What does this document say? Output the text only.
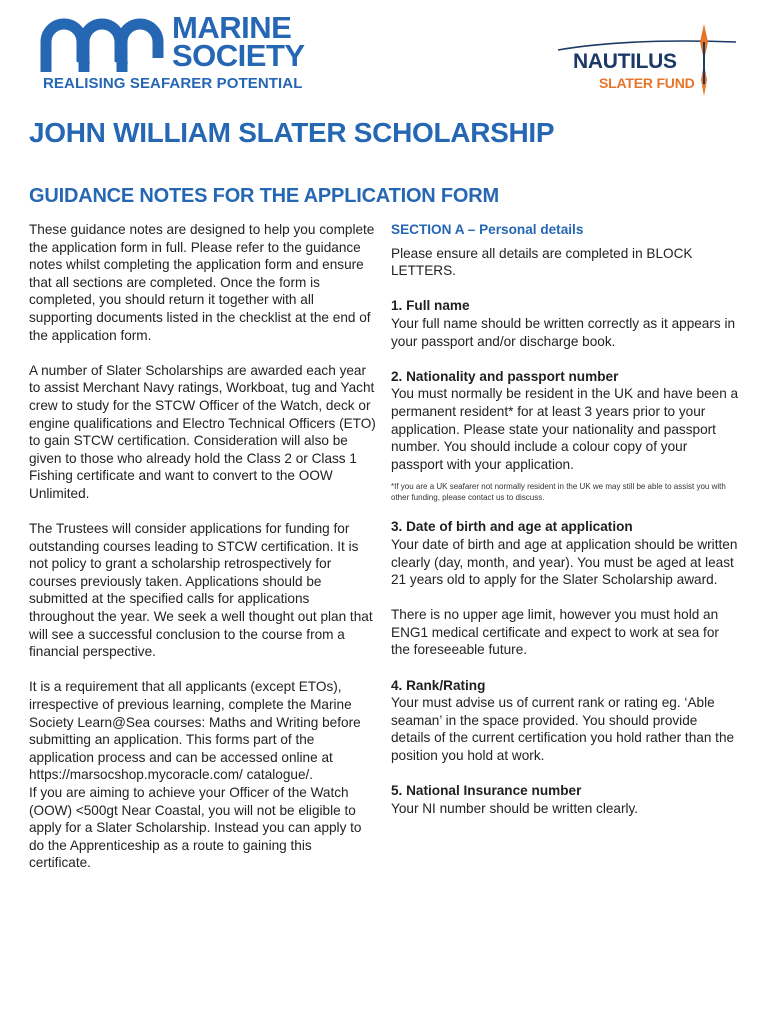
MARINE
SOCIETY
REALISING SEAFARER POTENTIAL
NAUTILUS
SLATER FUND
JOHN WILLIAM SLATER SCHOLARSHIP
GUIDANCE NOTES FOR THE APPLICATION FORM

These guidance notes are designed to help you complete the application form in full. Please refer to the guidance notes whilst completing the application form and ensure that all sections are completed. Once the form is completed, you should return it together with all supporting documents listed in the checklist at the end of the application form.

A number of Slater Scholarships are awarded each year to assist Merchant Navy ratings, Workboat, tug and Yacht crew to study for the STCW Officer of the Watch, deck or engine qualifications and Electro Technical Officers (ETO) to gain STCW certification. Consideration will also be given to those who already hold the Class 2 or Class 1 Fishing certificate and want to convert to the OOW Unlimited.

The Trustees will consider applications for funding for outstanding courses leading to STCW certification. It is not policy to grant a scholarship retrospectively for courses previously taken. Applications should be submitted at the specified calls for applications throughout the year. We seek a well thought out plan that will see a successful conclusion to the course from a financial perspective.

It is a requirement that all applicants (except ETOs), irrespective of previous learning, complete the Marine Society Learn@Sea courses: Maths and Writing before submitting an application. This forms part of the application process and can be accessed online at https://marsocshop.mycoracle.com/ catalogue/.

If you are aiming to achieve your Officer of the Watch (OOW) <500gt Near Coastal, you will not be eligible to apply for a Slater Scholarship. Instead you can apply to do the Apprenticeship as a route to gaining this certificate.

SECTION A – Personal details

Please ensure all details are completed in BLOCK LETTERS.

1. Full name

Your full name should be written correctly as it appears in your passport and/or discharge book.

2. Nationality and passport number

You must normally be resident in the UK and have been a permanent resident* for at least 3 years prior to your application. Please state your nationality and passport number. You should include a colour copy of your passport with your application.

*If you are a UK seafarer not normally resident in the UK we may still be able to assist you with other funding, please contact us to discuss.
3. Date of birth and age at application

Your date of birth and age at application should be written clearly (day, month, and year). You must be aged at least 21 years old to apply for the Slater Scholarship award.

There is no upper age limit, however you must hold an ENG1 medical certificate and expect to work at sea for the foreseeable future.

4. Rank/Rating

Your must advise us of current rank or rating eg. ‘Able seaman’ in the space provided. You should provide details of the current certification you hold rather than the position you hold at work.

5. National Insurance number

Your NI number should be written clearly.
